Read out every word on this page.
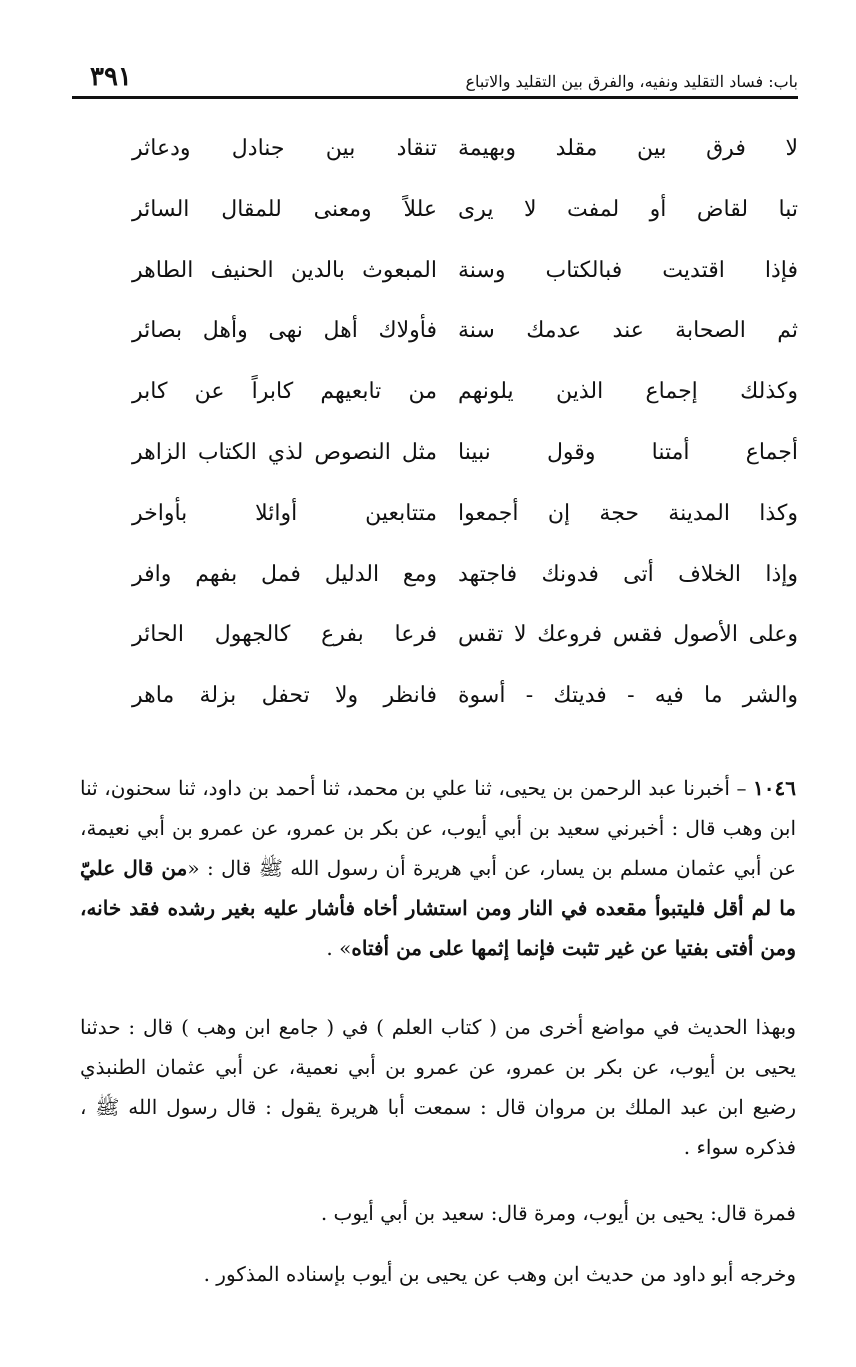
باب: فساد التقليد ونفيه، والفرق بين التقليد والاتباع
٣٩١
لا فرق بين مقلد وبهيمة
تنقاد بين جنادل ودعاثر
تبا لقاض أو لمفت لا يرى
عللاً ومعنى للمقال السائر
فإذا اقتديت فبالكتاب وسنة
المبعوث بالدين الحنيف الطاهر
ثم الصحابة عند عدمك سنة
فأولاك أهل نهى وأهل بصائر
وكذلك إجماع الذين يلونهم
من تابعيهم كابراً عن كابر
أجماع أمتنا وقول نبينا
مثل النصوص لذي الكتاب الزاهر
وكذا المدينة حجة إن أجمعوا
متتابعين أوائلا بأواخر
وإذا الخلاف أتى فدونك فاجتهد
ومع الدليل فمل بفهم وافر
وعلى الأصول فقس فروعك لا تقس
فرعا بفرع كالجهول الحائر
والشر ما فيه - فديتك - أسوة
فانظر ولا تحفل بزلة ماهر

١٠٤٦ – أخبرنا عبد الرحمن بن يحيى، ثنا علي بن محمد، ثنا أحمد بن داود، ثنا سحنون، ثنا ابن وهب قال : أخبرني سعيد بن أبي أيوب، عن بكر بن عمرو، عن عمرو بن أبي نعيمة، عن أبي عثمان مسلم بن يسار، عن أبي هريرة أن رسول الله ﷺ قال : «من قال عليّ ما لم أقل فليتبوأ مقعده في النار ومن استشار أخاه فأشار عليه بغير رشده فقد خانه، ومن أفتى بفتيا عن غير تثبت فإنما إثمها على من أفتاه» .

وبهذا الحديث في مواضع أخرى من ( كتاب العلم ) في ( جامع ابن وهب ) قال : حدثنا يحيى بن أيوب، عن بكر بن عمرو، عن عمرو بن أبي نعمية، عن أبي عثمان الطنبذي رضيع ابن عبد الملك بن مروان قال : سمعت أبا هريرة يقول : قال رسول الله ﷺ ، فذكره سواء .

فمرة قال: يحيى بن أيوب، ومرة قال: سعيد بن أبي أيوب .

وخرجه أبو داود من حديث ابن وهب عن يحيى بن أيوب بإسناده المذكور .
